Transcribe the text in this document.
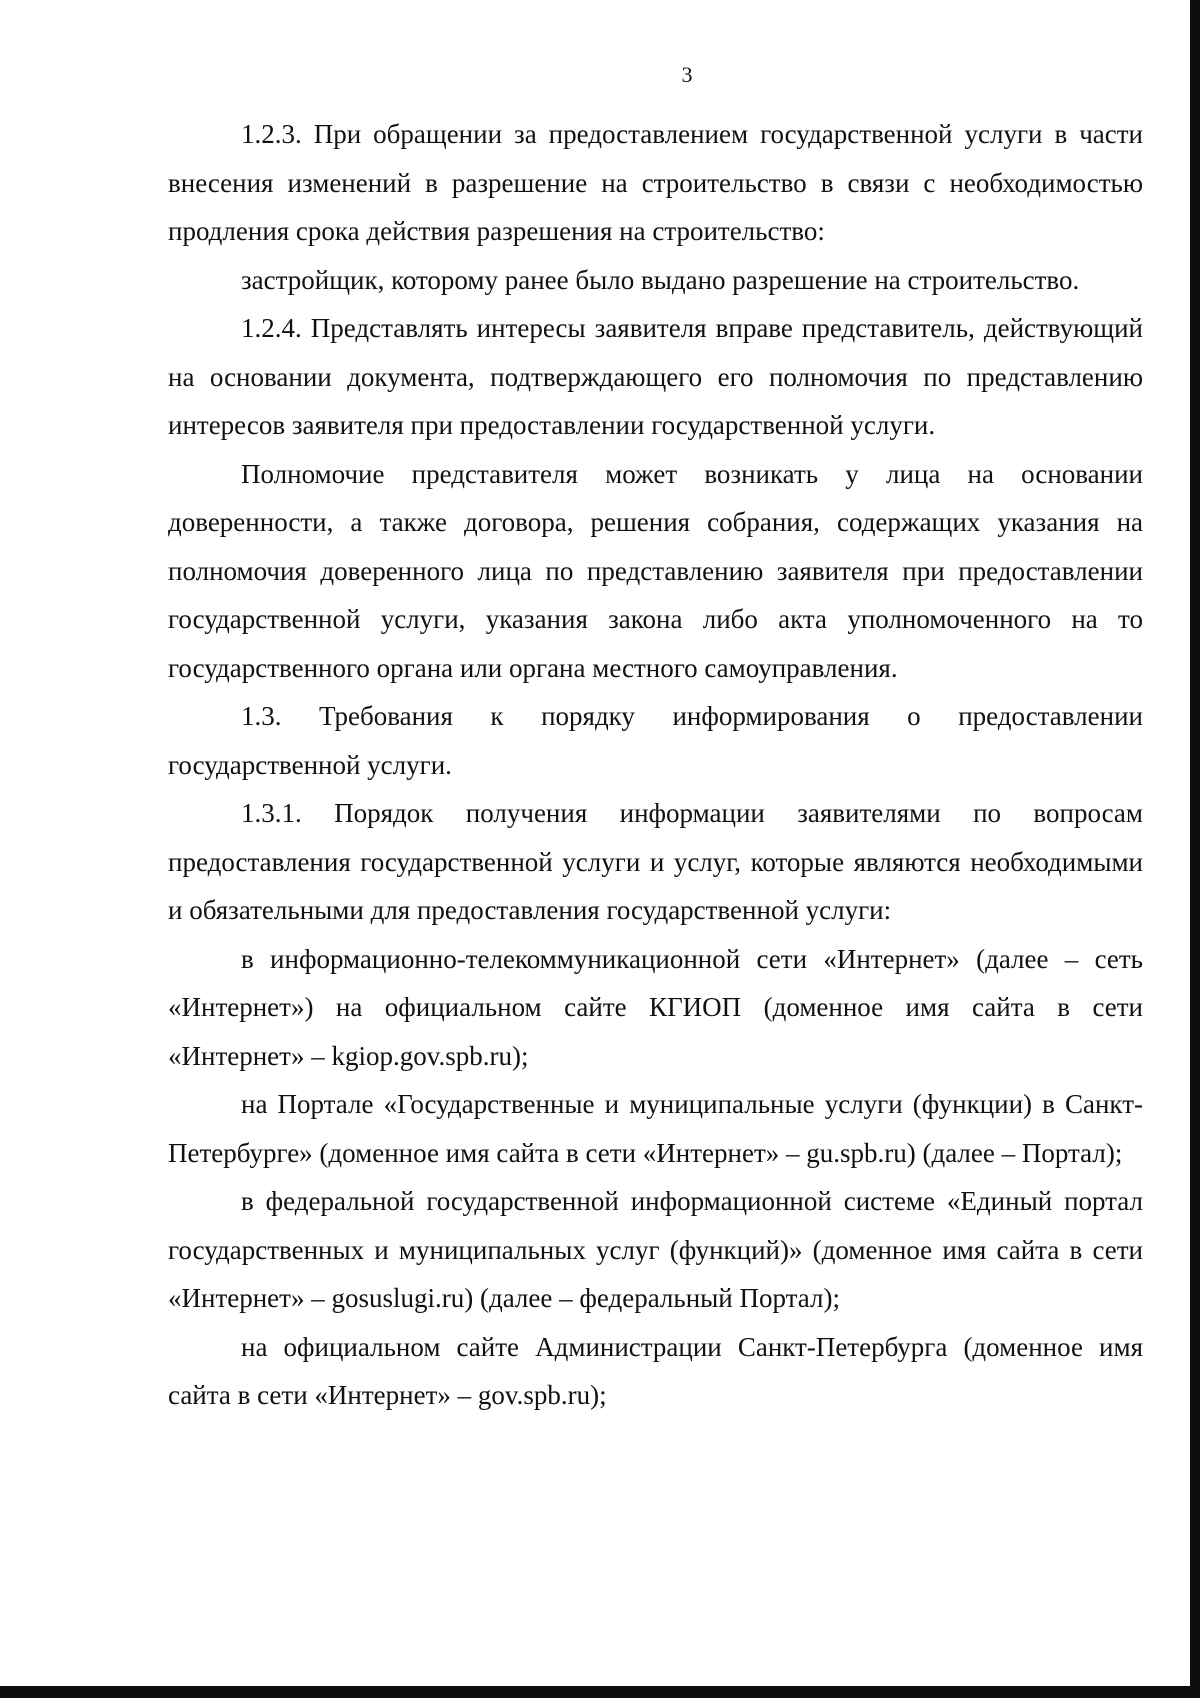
3

1.2.3. При обращении за предоставлением государственной услуги в части внесения изменений в разрешение на строительство в связи с необходимостью продления срока действия разрешения на строительство:

застройщик, которому ранее было выдано разрешение на строительство.

1.2.4. Представлять интересы заявителя вправе представитель, действующий на основании документа, подтверждающего его полномочия по представлению интересов заявителя при предоставлении государственной услуги.

Полномочие представителя может возникать у лица на основании доверенности, а также договора, решения собрания, содержащих указания на полномочия доверенного лица по представлению заявителя при предоставлении государственной услуги, указания закона либо акта уполномоченного на то государственного органа или органа местного самоуправления.

1.3. Требования к порядку информирования о предоставлении государственной услуги.

1.3.1. Порядок получения информации заявителями по вопросам предоставления государственной услуги и услуг, которые являются необходимыми и обязательными для предоставления государственной услуги:

в информационно-телекоммуникационной сети «Интернет» (далее – сеть «Интернет») на официальном сайте КГИОП (доменное имя сайта в сети «Интернет» – kgiop.gov.spb.ru);

на Портале «Государственные и муниципальные услуги (функции) в Санкт-Петербурге» (доменное имя сайта в сети «Интернет» – gu.spb.ru) (далее – Портал);

в федеральной государственной информационной системе «Единый портал государственных и муниципальных услуг (функций)» (доменное имя сайта в сети «Интернет» – gosuslugi.ru) (далее – федеральный Портал);

на официальном сайте Администрации Санкт-Петербурга (доменное имя сайта в сети «Интернет» – gov.spb.ru);
